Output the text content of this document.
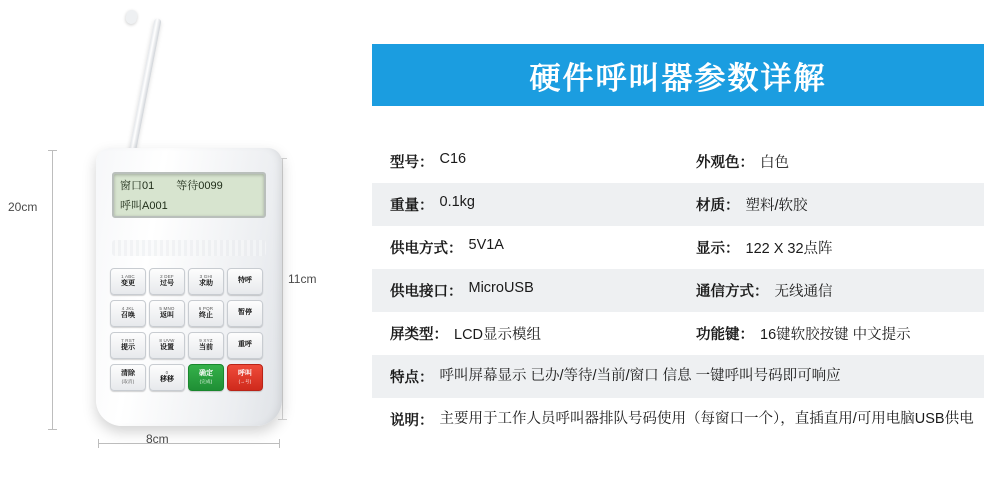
20cm
8cm
11cm
窗口01 等待0099
呼叫A001
1 ABC
变更
2 DEF
过号
3 GHI
求助	特呼
4 JKL
召唤
5 MNO
返叫
6 PQR
终止	暂停
7 RST
提示
8 UVW
设置
9 XYZ
当前	重呼
清除
(取消)
0
移移
确定
(完成)
呼叫
(→号)
硬件呼叫器参数详解
型号： C16	外观色： 白色
重量： 0.1kg	材质： 塑料/软胶
供电方式： 5V1A	显示： 122 X 32点阵
供电接口： MicroUSB	通信方式： 无线通信
屏类型： LCD显示模组	功能键： 16键软胶按键 中文提示
特点： 呼叫屏幕显示 已办/等待/当前/窗口 信息 一键呼叫号码即可响应
说明： 主要用于工作人员呼叫器排队号码使用（每窗口一个），直插直用/可用电脑USB供电
